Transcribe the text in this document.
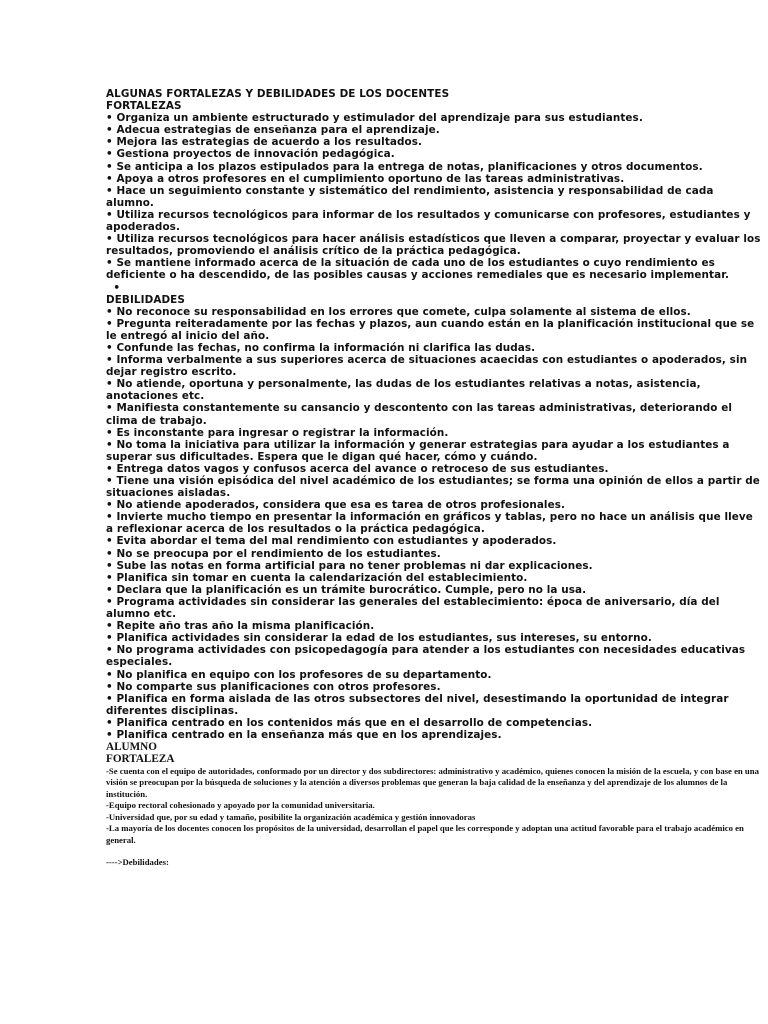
ALGUNAS FORTALEZAS Y DEBILIDADES DE LOS DOCENTES

FORTALEZAS

• Organiza un ambiente estructurado y estimulador del aprendizaje para sus estudiantes.

• Adecua estrategias de enseñanza para el aprendizaje.

• Mejora las estrategias de acuerdo a los resultados.

• Gestiona proyectos de innovación pedagógica.

• Se anticipa a los plazos estipulados para la entrega de notas, planificaciones y otros documentos.

• Apoya a otros profesores en el cumplimiento oportuno de las tareas administrativas.

• Hace un seguimiento constante y sistemático del rendimiento, asistencia y responsabilidad de cada alumno.

• Utiliza recursos tecnológicos para informar de los resultados y comunicarse con profesores, estudiantes y apoderados.

• Utiliza recursos tecnológicos para hacer análisis estadísticos que lleven a comparar, proyectar y evaluar los resultados, promoviendo el análisis crítico de la práctica pedagógica.

• Se mantiene informado acerca de la situación de cada uno de los estudiantes o cuyo rendimiento es deficiente o ha descendido, de las posibles causas y acciones remediales que es necesario implementar.

•

DEBILIDADES

• No reconoce su responsabilidad en los errores que comete, culpa solamente al sistema de ellos.

• Pregunta reiteradamente por las fechas y plazos, aun cuando están en la planificación institucional que se le entregó al inicio del año.

• Confunde las fechas, no confirma la información ni clarifica las dudas.

• Informa verbalmente a sus superiores acerca de situaciones acaecidas con estudiantes o apoderados, sin dejar registro escrito.

• No atiende, oportuna y personalmente, las dudas de los estudiantes relativas a notas, asistencia, anotaciones etc.

• Manifiesta constantemente su cansancio y descontento con las tareas administrativas, deteriorando el clima de trabajo.

• Es inconstante para ingresar o registrar la información.

• No toma la iniciativa para utilizar la información y generar estrategias para ayudar a los estudiantes a superar sus dificultades. Espera que le digan qué hacer, cómo y cuándo.

• Entrega datos vagos y confusos acerca del avance o retroceso de sus estudiantes.

• Tiene una visión episódica del nivel académico de los estudiantes; se forma una opinión de ellos a partir de situaciones aisladas.

• No atiende apoderados, considera que esa es tarea de otros profesionales.

• Invierte mucho tiempo en presentar la información en gráficos y tablas, pero no hace un análisis que lleve a reflexionar acerca de los resultados o la práctica pedagógica.

• Evita abordar el tema del mal rendimiento con estudiantes y apoderados.

• No se preocupa por el rendimiento de los estudiantes.

• Sube las notas en forma artificial para no tener problemas ni dar explicaciones.

• Planifica sin tomar en cuenta la calendarización del establecimiento.

• Declara que la planificación es un trámite burocrático. Cumple, pero no la usa.

• Programa actividades sin considerar las generales del establecimiento: época de aniversario, día del alumno etc.

• Repite año tras año la misma planificación.

• Planifica actividades sin considerar la edad de los estudiantes, sus intereses, su entorno.

• No programa actividades con psicopedagogía para atender a los estudiantes con necesidades educativas especiales.

• No planifica en equipo con los profesores de su departamento.

• No comparte sus planificaciones con otros profesores.

• Planifica en forma aislada de las otros subsectores del nivel, desestimando la oportunidad de integrar diferentes disciplinas.

• Planifica centrado en los contenidos más que en el desarrollo de competencias.

• Planifica centrado en la enseñanza más que en los aprendizajes.

ALUMNO

FORTALEZA

-Se cuenta con el equipo de autoridades, conformado por un director y dos subdirectores: administrativo y académico, quienes conocen la misión de la escuela, y con base en una visión se preocupan por la búsqueda de soluciones y la atención a diversos problemas que generan la baja calidad de la enseñanza y del aprendizaje de los alumnos de la institución.

-Equipo rectoral cohesionado y apoyado por la comunidad universitaria.

-Universidad que, por su edad y tamaño, posibilite la organización académica y gestión innovadoras

-La mayoría de los docentes conocen los propósitos de la universidad, desarrollan el papel que les corresponde y adoptan una actitud favorable para el trabajo académico en general.

---->Debilidades:
